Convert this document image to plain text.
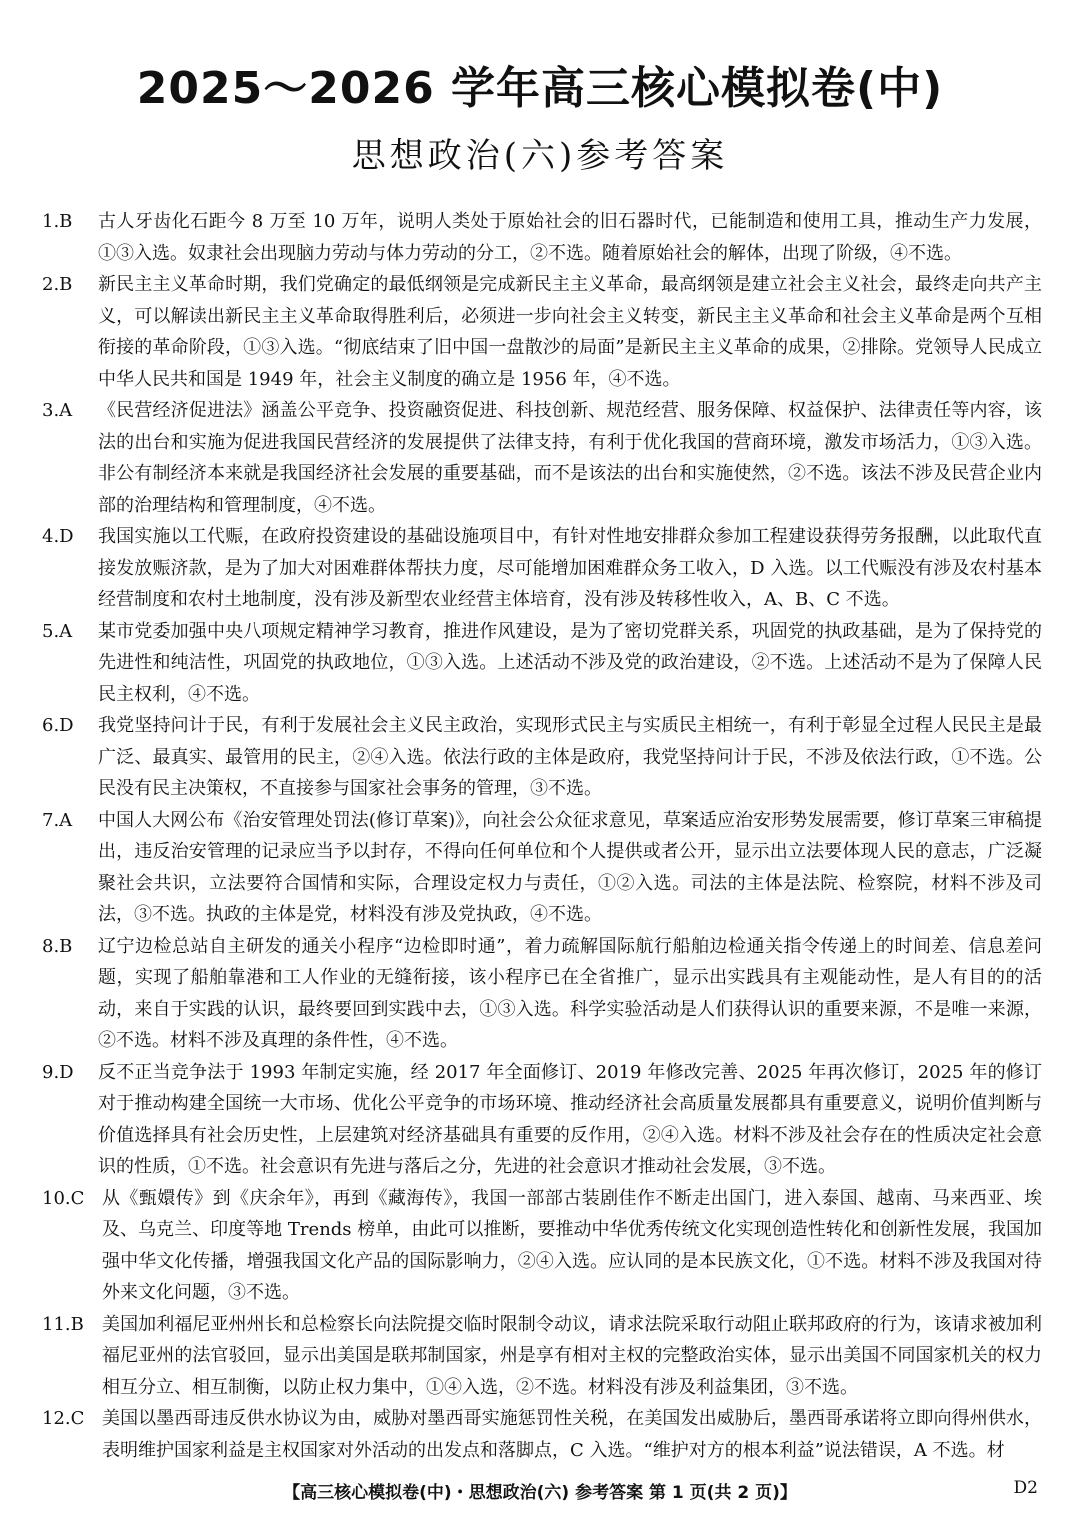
2025～2026 学年高三核心模拟卷(中)
思想政治(六)参考答案
1.B	古人牙齿化石距今 8 万至 10 万年，说明人类处于原始社会的旧石器时代，已能制造和使用工具，推动生产力发展，①③入选。奴隶社会出现脑力劳动与体力劳动的分工，②不选。随着原始社会的解体，出现了阶级，④不选。
2.B	新民主主义革命时期，我们党确定的最低纲领是完成新民主主义革命，最高纲领是建立社会主义社会，最终走向共产主义，可以解读出新民主主义革命取得胜利后，必须进一步向社会主义转变，新民主主义革命和社会主义革命是两个互相衔接的革命阶段，①③入选。“彻底结束了旧中国一盘散沙的局面”是新民主主义革命的成果，②排除。党领导人民成立中华人民共和国是 1949 年，社会主义制度的确立是 1956 年，④不选。
3.A	《民营经济促进法》涵盖公平竞争、投资融资促进、科技创新、规范经营、服务保障、权益保护、法律责任等内容，该法的出台和实施为促进我国民营经济的发展提供了法律支持，有利于优化我国的营商环境，激发市场活力，①③入选。非公有制经济本来就是我国经济社会发展的重要基础，而不是该法的出台和实施使然，②不选。该法不涉及民营企业内部的治理结构和管理制度，④不选。
4.D	我国实施以工代赈，在政府投资建设的基础设施项目中，有针对性地安排群众参加工程建设获得劳务报酬，以此取代直接发放赈济款，是为了加大对困难群体帮扶力度，尽可能增加困难群众务工收入，D 入选。以工代赈没有涉及农村基本经营制度和农村土地制度，没有涉及新型农业经营主体培育，没有涉及转移性收入，A、B、C 不选。
5.A	某市党委加强中央八项规定精神学习教育，推进作风建设，是为了密切党群关系，巩固党的执政基础，是为了保持党的先进性和纯洁性，巩固党的执政地位，①③入选。上述活动不涉及党的政治建设，②不选。上述活动不是为了保障人民民主权利，④不选。
6.D	我党坚持问计于民，有利于发展社会主义民主政治，实现形式民主与实质民主相统一，有利于彰显全过程人民民主是最广泛、最真实、最管用的民主，②④入选。依法行政的主体是政府，我党坚持问计于民，不涉及依法行政，①不选。公民没有民主决策权，不直接参与国家社会事务的管理，③不选。
7.A	中国人大网公布《治安管理处罚法(修订草案)》，向社会公众征求意见，草案适应治安形势发展需要，修订草案三审稿提出，违反治安管理的记录应当予以封存，不得向任何单位和个人提供或者公开，显示出立法要体现人民的意志，广泛凝聚社会共识，立法要符合国情和实际，合理设定权力与责任，①②入选。司法的主体是法院、检察院，材料不涉及司法，③不选。执政的主体是党，材料没有涉及党执政，④不选。
8.B	辽宁边检总站自主研发的通关小程序“边检即时通”，着力疏解国际航行船舶边检通关指令传递上的时间差、信息差问题，实现了船舶靠港和工人作业的无缝衔接，该小程序已在全省推广，显示出实践具有主观能动性，是人有目的的活动，来自于实践的认识，最终要回到实践中去，①③入选。科学实验活动是人们获得认识的重要来源，不是唯一来源，②不选。材料不涉及真理的条件性，④不选。
9.D	反不正当竞争法于 1993 年制定实施，经 2017 年全面修订、2019 年修改完善、2025 年再次修订，2025 年的修订对于推动构建全国统一大市场、优化公平竞争的市场环境、推动经济社会高质量发展都具有重要意义，说明价值判断与价值选择具有社会历史性，上层建筑对经济基础具有重要的反作用，②④入选。材料不涉及社会存在的性质决定社会意识的性质，①不选。社会意识有先进与落后之分，先进的社会意识才推动社会发展，③不选。
10.C 从《甄嬛传》到《庆余年》，再到《藏海传》，我国一部部古装剧佳作不断走出国门，进入泰国、越南、马来西亚、埃及、乌克兰、印度等地 Trends 榜单，由此可以推断，要推动中华优秀传统文化实现创造性转化和创新性发展，我国加强中华文化传播，增强我国文化产品的国际影响力，②④入选。应认同的是本民族文化，①不选。材料不涉及我国对待外来文化问题，③不选。
11.B	美国加利福尼亚州州长和总检察长向法院提交临时限制令动议，请求法院采取行动阻止联邦政府的行为，该请求被加利福尼亚州的法官驳回，显示出美国是联邦制国家，州是享有相对主权的完整政治实体，显示出美国不同国家机关的权力相互分立、相互制衡，以防止权力集中，①④入选，②不选。材料没有涉及利益集团，③不选。
12.C 美国以墨西哥违反供水协议为由，威胁对墨西哥实施惩罚性关税，在美国发出威胁后，墨西哥承诺将立即向得州供水，表明维护国家利益是主权国家对外活动的出发点和落脚点，C 入选。“维护对方的根本利益”说法错误，A 不选。材
【高三核心模拟卷(中)・思想政治(六) 参考答案 第 1 页(共 2 页)】	D2
